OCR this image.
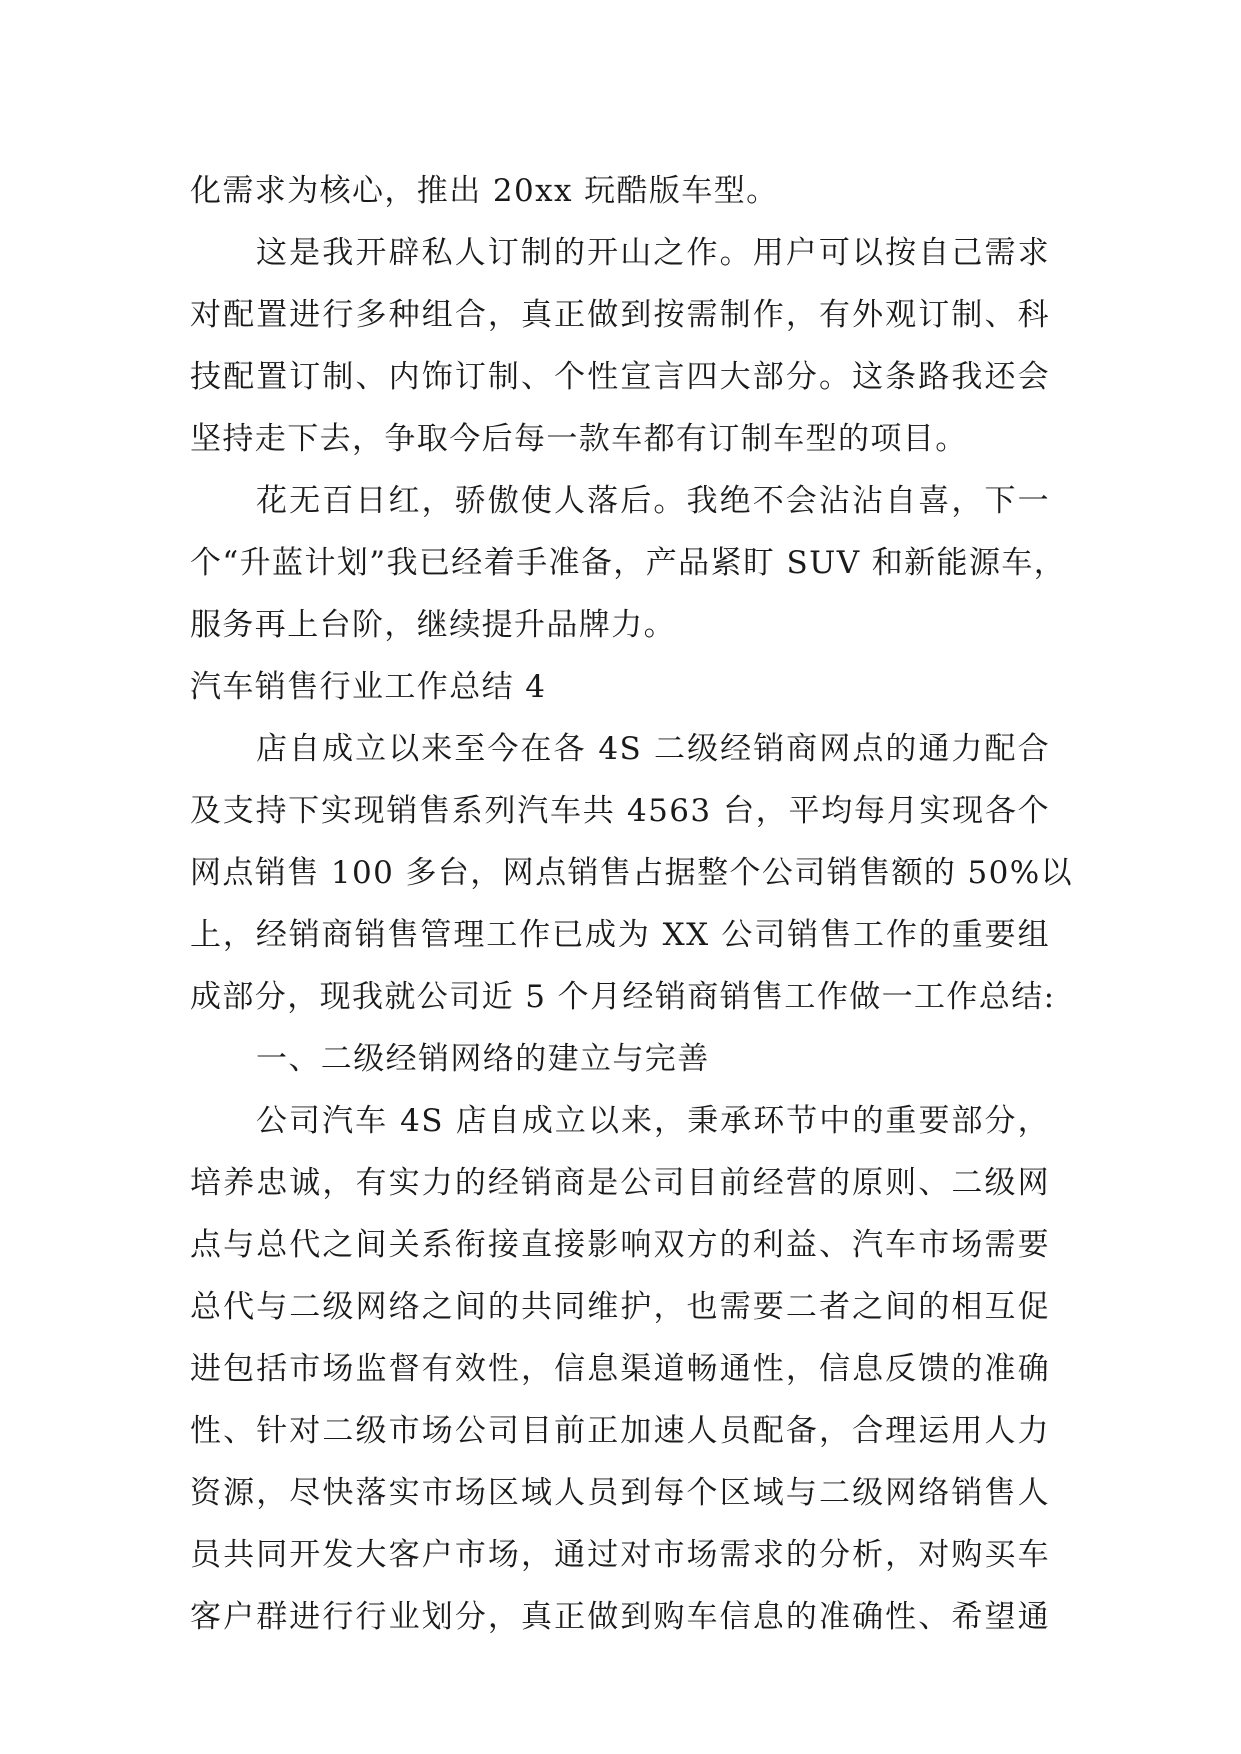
化需求为核心，推出 20xx 玩酷版车型。
这是我开辟私人订制的开山之作。用户可以按自己需求
对配置进行多种组合，真正做到按需制作，有外观订制、科
技配置订制、内饰订制、个性宣言四大部分。这条路我还会
坚持走下去，争取今后每一款车都有订制车型的项目。
花无百日红，骄傲使人落后。我绝不会沾沾自喜，下一
个“升蓝计划”我已经着手准备，产品紧盯 SUV 和新能源车，
服务再上台阶，继续提升品牌力。
汽车销售行业工作总结 4
店自成立以来至今在各 4S 二级经销商网点的通力配合
及支持下实现销售系列汽车共 4563 台，平均每月实现各个
网点销售 100 多台，网点销售占据整个公司销售额的 50%以
上，经销商销售管理工作已成为 XX 公司销售工作的重要组
成部分，现我就公司近 5 个月经销商销售工作做一工作总结:
一、二级经销网络的建立与完善
公司汽车 4S 店自成立以来，秉承环节中的重要部分，
培养忠诚，有实力的经销商是公司目前经营的原则、二级网
点与总代之间关系衔接直接影响双方的利益、汽车市场需要
总代与二级网络之间的共同维护，也需要二者之间的相互促
进包括市场监督有效性，信息渠道畅通性，信息反馈的准确
性、针对二级市场公司目前正加速人员配备，合理运用人力
资源，尽快落实市场区域人员到每个区域与二级网络销售人
员共同开发大客户市场，通过对市场需求的分析，对购买车
客户群进行行业划分，真正做到购车信息的准确性、希望通
